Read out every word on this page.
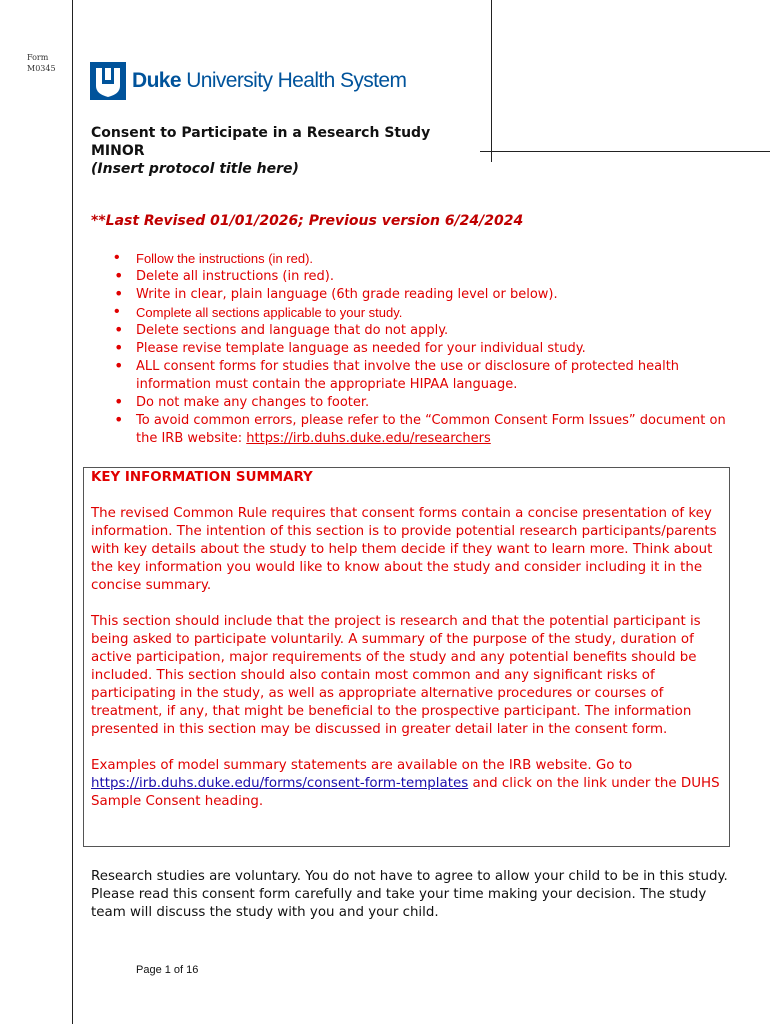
Form
M0345
Duke University Health System
Consent to Participate in a Research Study
MINOR
(Insert protocol title here)
**Last Revised 01/01/2026; Previous version 6/24/2024
• Follow the instructions (in red).
• Delete all instructions (in red).
• Write in clear, plain language (6th grade reading level or below).
• Complete all sections applicable to your study.
• Delete sections and language that do not apply.
• Please revise template language as needed for your individual study.
• ALL consent forms for studies that involve the use or disclosure of protected health information must contain the appropriate HIPAA language.
• Do not make any changes to footer.
• To avoid common errors, please refer to the “Common Consent Form Issues” document on the IRB website: https://irb.duhs.duke.edu/researchers
KEY INFORMATION SUMMARY

The revised Common Rule requires that consent forms contain a concise presentation of key information. The intention of this section is to provide potential research participants/parents with key details about the study to help them decide if they want to learn more. Think about the key information you would like to know about the study and consider including it in the concise summary.

This section should include that the project is research and that the potential participant is being asked to participate voluntarily. A summary of the purpose of the study, duration of active participation, major requirements of the study and any potential benefits should be included. This section should also contain most common and any significant risks of participating in the study, as well as appropriate alternative procedures or courses of treatment, if any, that might be beneficial to the prospective participant. The information presented in this section may be discussed in greater detail later in the consent form.

Examples of model summary statements are available on the IRB website. Go to https://irb.duhs.duke.edu/forms/consent-form-templates and click on the link under the DUHS Sample Consent heading.

Research studies are voluntary. You do not have to agree to allow your child to be in this study. Please read this consent form carefully and take your time making your decision. The study team will discuss the study with you and your child.
Page 1 of 16
